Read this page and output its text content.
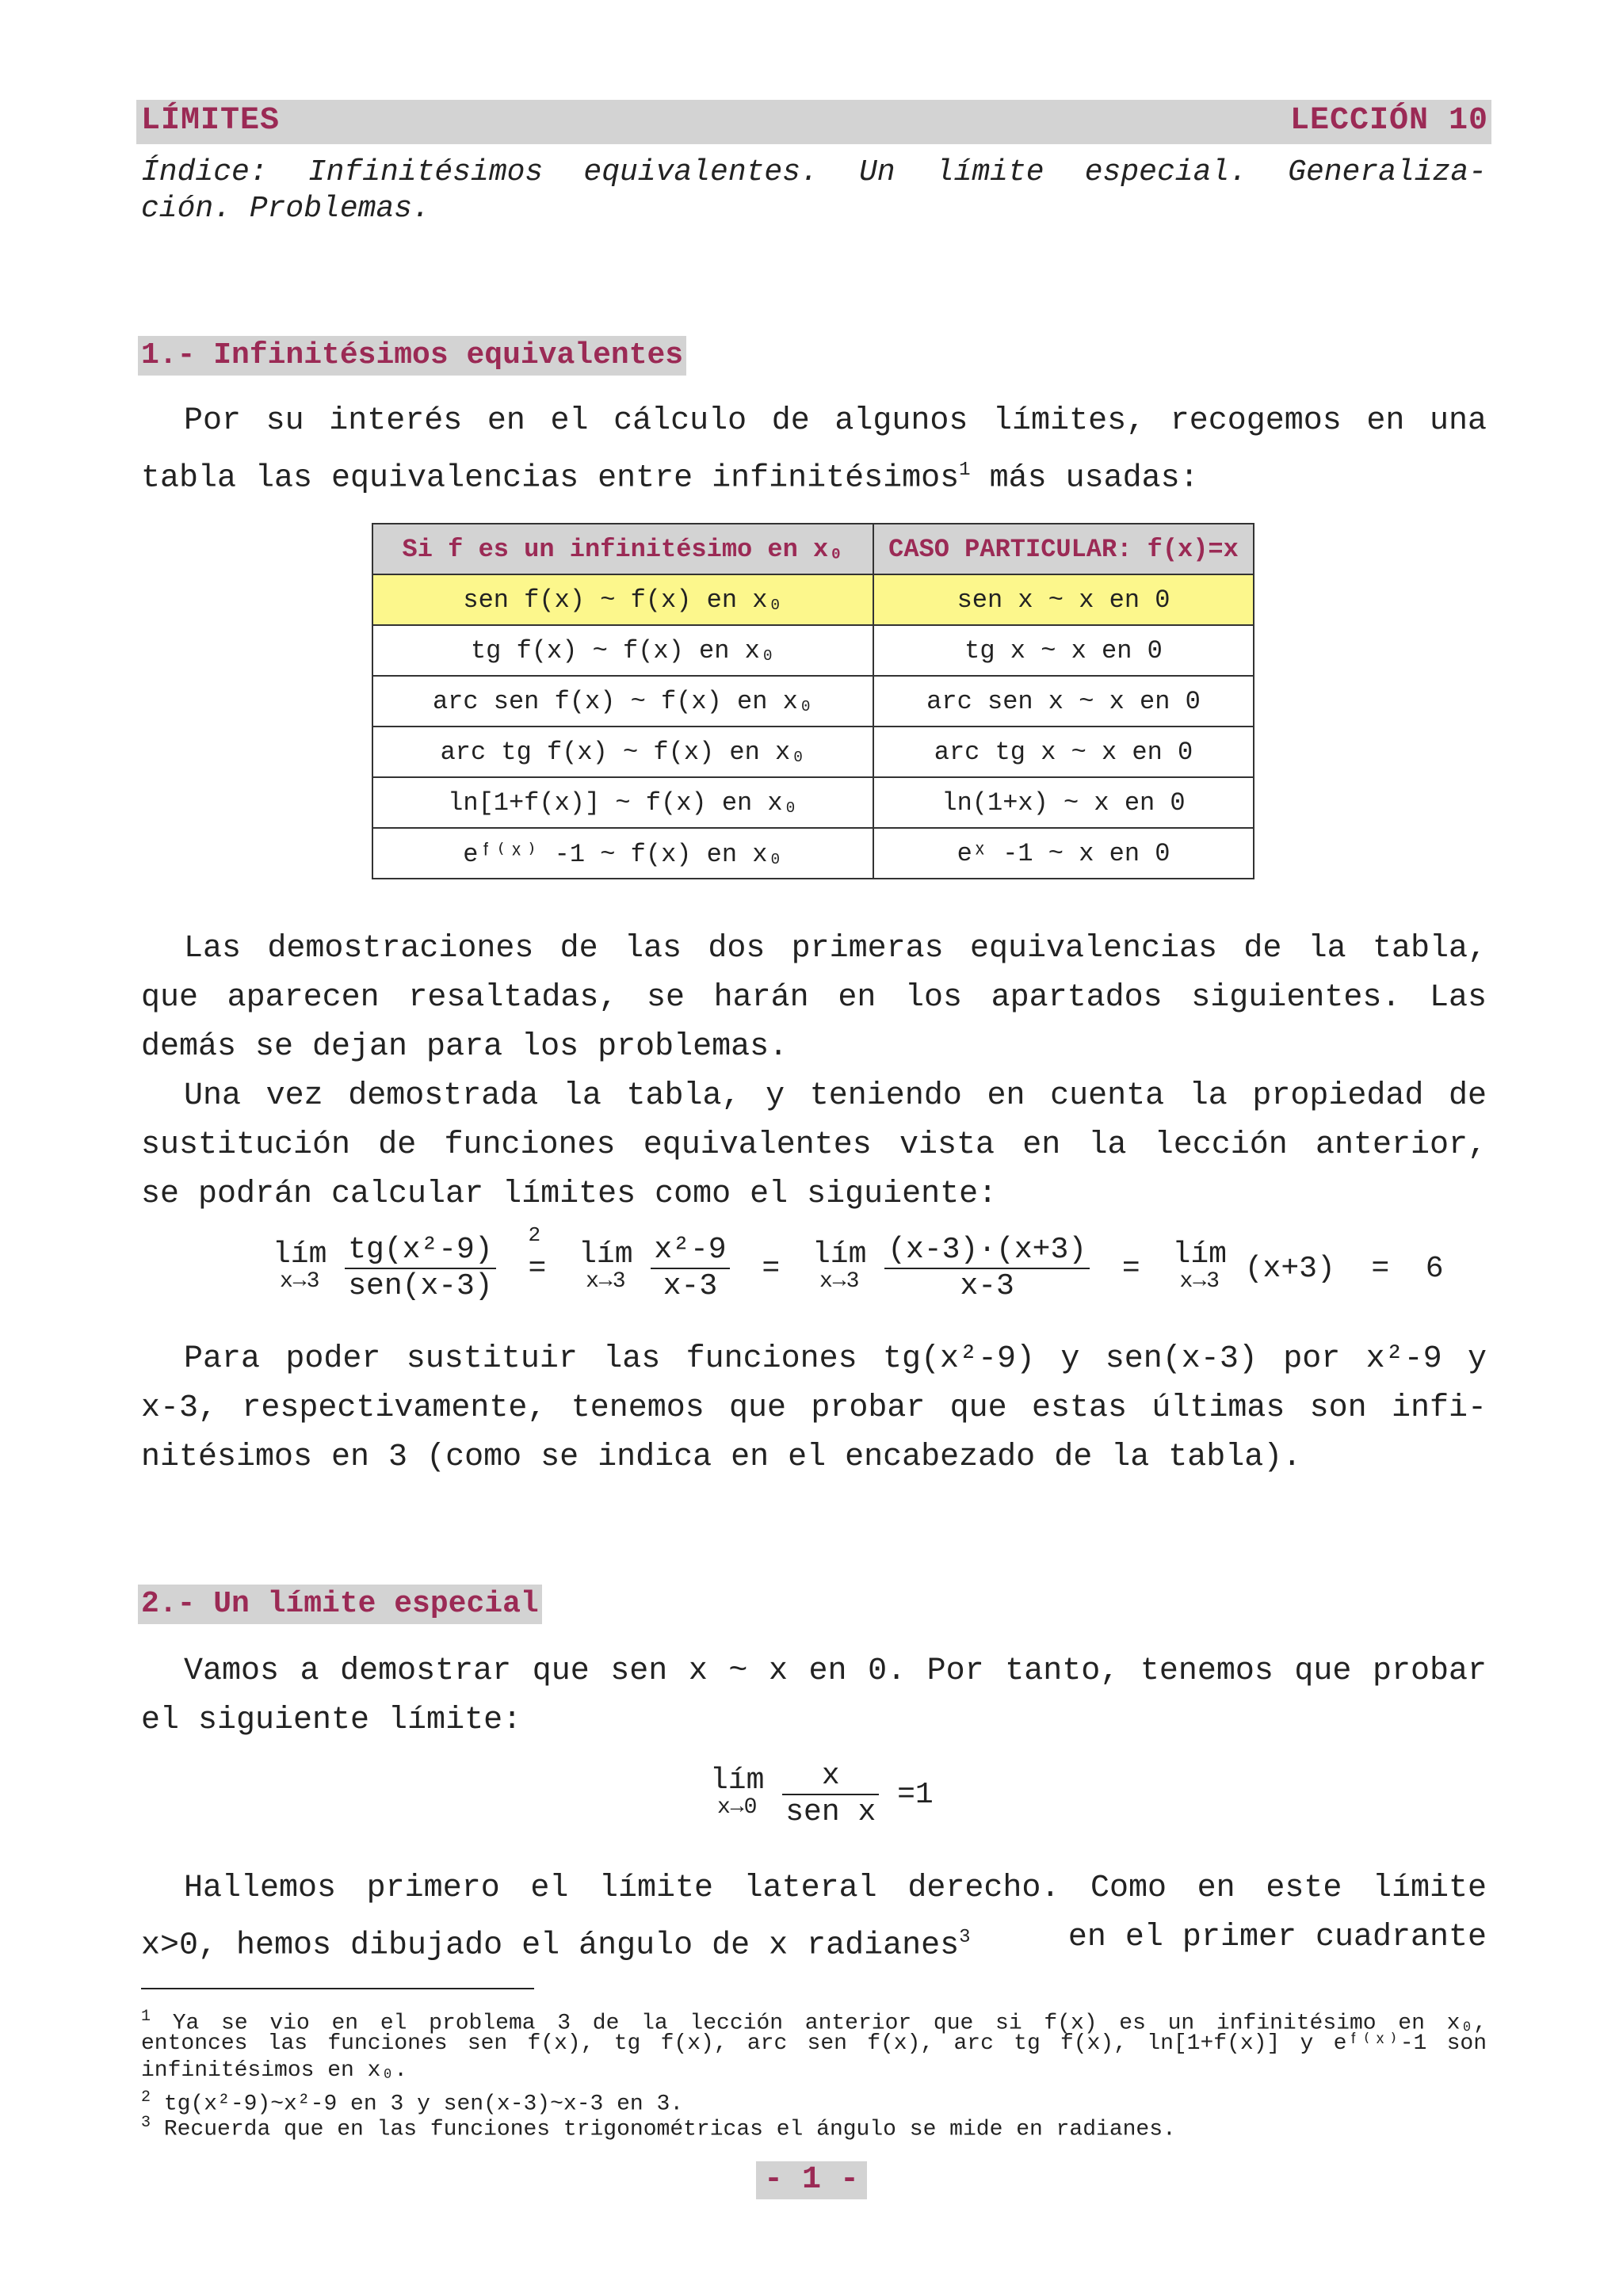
LÍMITES	LECCIÓN 10
Índice: Infinitésimos equivalentes. Un límite especial. Generaliza-
ción. Problemas.
1.- Infinitésimos equivalentes
Por su interés en el cálculo de algunos límites, recogemos en una
tabla las equivalencias entre infinitésimos$^1$ más usadas:
Si f es un infinitésimo en x₀	CASO PARTICULAR: f(x)=x
sen f(x) ~ f(x) en x₀	sen x ~ x en 0
tg f(x) ~ f(x) en x₀	tg x ~ x en 0
arc sen f(x) ~ f(x) en x₀	arc sen x ~ x en 0
arc tg f(x) ~ f(x) en x₀	arc tg x ~ x en 0
ln[1+f(x)] ~ f(x) en x₀	ln(1+x) ~ x en 0
eᶠ⁽ˣ⁾ -1 ~ f(x) en x₀	eˣ -1 ~ x en 0
Las demostraciones de las dos primeras equivalencias de la tabla,
que aparecen resaltadas, se harán en los apartados siguientes. Las
demás se dejan para los problemas.
Una vez demostrada la tabla, y teniendo en cuenta la propiedad de
sustitución de funciones equivalentes vista en la lección anterior,
se podrán calcular límites como el siguiente:
lím
x→3
$\frac{\text{tg(x²-9)}}{\text{sen(x-3)}}$
2
= lím
x→3
$\frac{\text{x²-9}}{x-3}$ = lím
x→3
$\frac{(x-3)\cdot(x+3)}{x-3}$ = lím
x→3 (x+3)  =  6
Para poder sustituir las funciones tg(x²-9) y sen(x-3) por x²-9 y
x-3, respectivamente, tenemos que probar que estas últimas son infi-
nitésimos en 3 (como se indica en el encabezado de la tabla).
2.- Un límite especial
Vamos a demostrar que sen x ~ x en 0. Por tanto, tenemos que probar
el siguiente límite:
lím
x→0
$\frac{x}{\text{sen x}} =1$
Hallemos primero el límite lateral derecho. Como en este límite
x>0, hemos dibujado el ángulo de x radianes$^3$ en el primer cuadrante
$^1$ Ya se vio en el problema 3 de la lección anterior que si f(x) es un infinitésimo en x₀,
entonces las funciones sen f(x), tg f(x), arc sen f(x), arc tg f(x), ln[1+f(x)] y eᶠ⁽ˣ⁾-1 son
infinitésimos en x₀.
$^2$ tg(x²-9)~x²-9 en 3 y sen(x-3)~x-3 en 3.
$^3$ Recuerda que en las funciones trigonométricas el ángulo se mide en radianes.
- 1 -
